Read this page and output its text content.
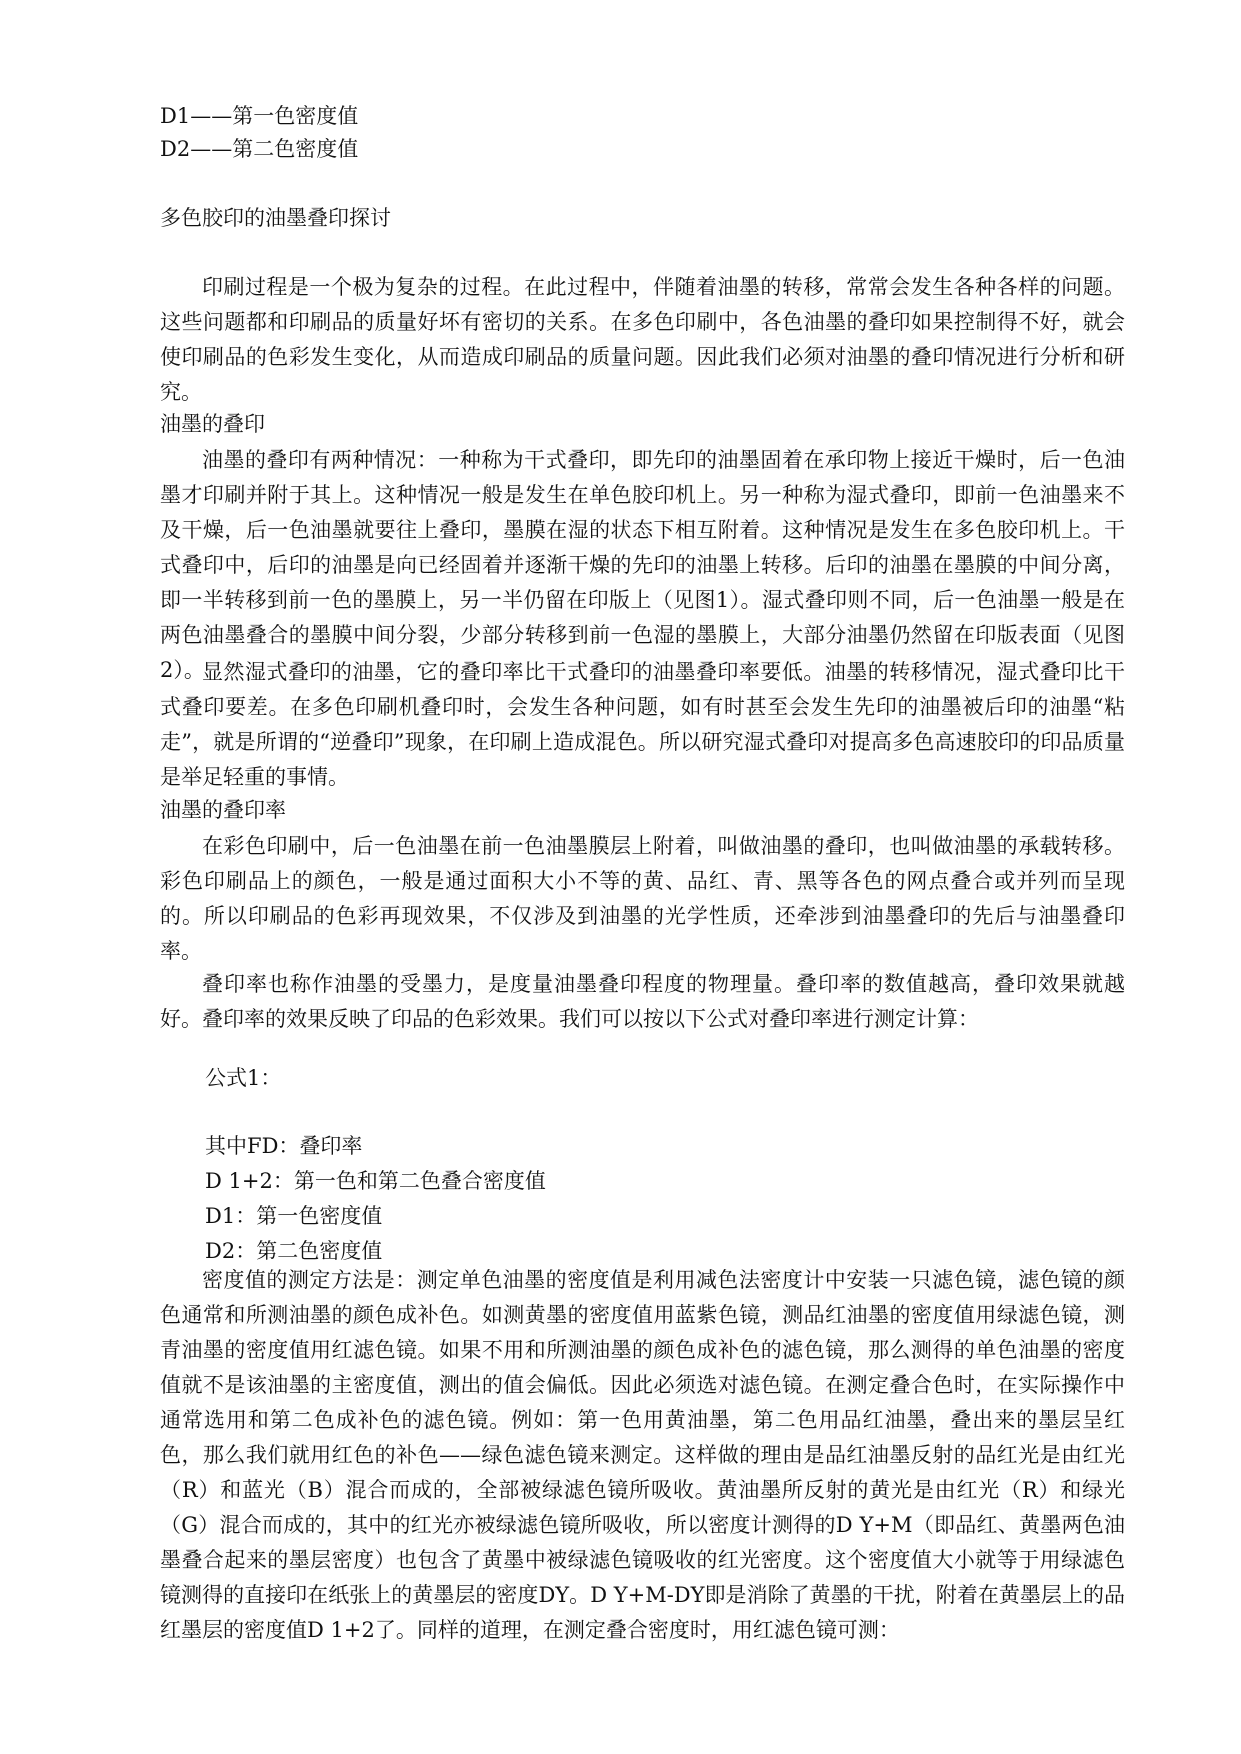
D1——第一色密度值
D2——第二色密度值
多色胶印的油墨叠印探讨
印刷过程是一个极为复杂的过程。在此过程中，伴随着油墨的转移，常常会发生各种各样的问题。这些问题都和印刷品的质量好坏有密切的关系。在多色印刷中，各色油墨的叠印如果控制得不好，就会使印刷品的色彩发生变化，从而造成印刷品的质量问题。因此我们必须对油墨的叠印情况进行分析和研究。
油墨的叠印
油墨的叠印有两种情况：一种称为干式叠印，即先印的油墨固着在承印物上接近干燥时，后一色油墨才印刷并附于其上。这种情况一般是发生在单色胶印机上。另一种称为湿式叠印，即前一色油墨来不及干燥，后一色油墨就要往上叠印，墨膜在湿的状态下相互附着。这种情况是发生在多色胶印机上。干式叠印中，后印的油墨是向已经固着并逐渐干燥的先印的油墨上转移。后印的油墨在墨膜的中间分离，即一半转移到前一色的墨膜上，另一半仍留在印版上（见图1）。湿式叠印则不同，后一色油墨一般是在两色油墨叠合的墨膜中间分裂，少部分转移到前一色湿的墨膜上，大部分油墨仍然留在印版表面（见图2）。
显然湿式叠印的油墨，它的叠印率比干式叠印的油墨叠印率要低。油墨的转移情况，湿式叠印比干式叠印要差。在多色印刷机叠印时，会发生各种问题，如有时甚至会发生先印的油墨被后印的油墨“粘走”，就是所谓的“逆叠印”现象，在印刷上造成混色。所以研究湿式叠印对提高多色高速胶印的印品质量是举足轻重的事情。
油墨的叠印率
在彩色印刷中，后一色油墨在前一色油墨膜层上附着，叫做油墨的叠印，也叫做油墨的承载转移。彩色印刷品上的颜色，一般是通过面积大小不等的黄、品红、青、黑等各色的网点叠合或并列而呈现的。所以印刷品的色彩再现效果，不仅涉及到油墨的光学性质，还牵涉到油墨叠印的先后与油墨叠印率。
叠印率也称作油墨的受墨力，是度量油墨叠印程度的物理量。叠印率的数值越高，叠印效果就越好。叠印率的效果反映了印品的色彩效果。我们可以按以下公式对叠印率进行测定计算：
公式1：
其中FD：叠印率
D 1+2：第一色和第二色叠合密度值
D1：第一色密度值
D2：第二色密度值
密度值的测定方法是：测定单色油墨的密度值是利用减色法密度计中安装一只滤色镜，滤色镜的颜色通常和所测油墨的颜色成补色。如测黄墨的密度值用蓝紫色镜，测品红油墨的密度值用绿滤色镜，测青油墨的密度值用红滤色镜。如果不用和所测油墨的颜色成补色的滤色镜，那么测得的单色油墨的密度值就不是该油墨的主密度值，测出的值会偏低。因此必须选对滤色镜。在测定叠合色时，在实际操作中通常选用和第二色成补色的滤色镜。例如：第一色用黄油墨，第二色用品红油墨，叠出来的墨层呈红色，那么我们就用红色的补色——绿色滤色镜来测定。这样做的理由是品红油墨反射的品红光是由红光（R）和蓝光（B）混合而成的，全部被绿滤色镜所吸收。黄油墨所反射的黄光是由红光（R）和绿光（G）混合而成的，其中的红光亦被绿滤色镜所吸收，所以密度计测得的D Y+M（即品红、黄墨两色油墨叠合起来的墨层密度）也包含了黄墨中被绿滤色镜吸收的红光密度。这个密度值大小就等于用绿滤色镜测得的直接印在纸张上的黄墨层的密度DY。D Y+M-DY即是消除了黄墨的干扰，附着在黄墨层上的品红墨层的密度值D 1+2了。同样的道理，在测定叠合密度时，用红滤色镜可测：
